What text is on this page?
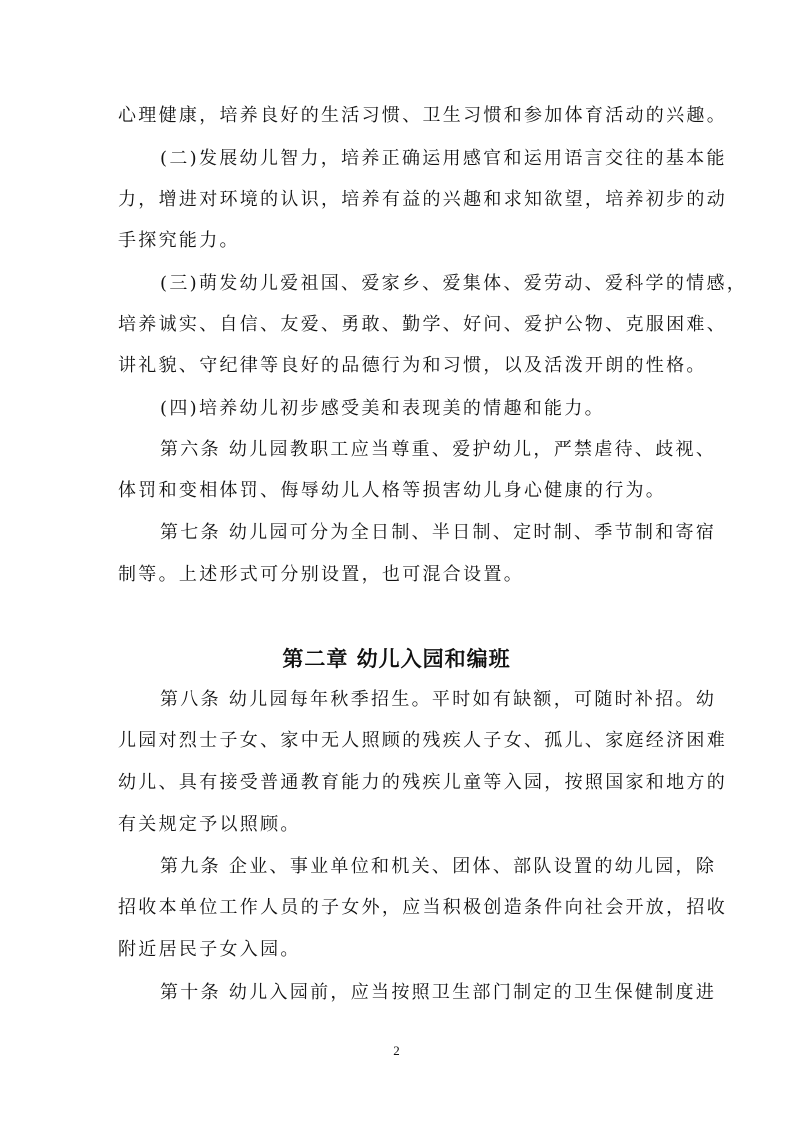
心理健康，培养良好的生活习惯、卫生习惯和参加体育活动的兴趣。
(二)发展幼儿智力，培养正确运用感官和运用语言交往的基本能
力，增进对环境的认识，培养有益的兴趣和求知欲望，培养初步的动
手探究能力。
(三)萌发幼儿爱祖国、爱家乡、爱集体、爱劳动、爱科学的情感，
培养诚实、自信、友爱、勇敢、勤学、好问、爱护公物、克服困难、
讲礼貌、守纪律等良好的品德行为和习惯，以及活泼开朗的性格。
(四)培养幼儿初步感受美和表现美的情趣和能力。
第六条 幼儿园教职工应当尊重、爱护幼儿，严禁虐待、歧视、
体罚和变相体罚、侮辱幼儿人格等损害幼儿身心健康的行为。
第七条 幼儿园可分为全日制、半日制、定时制、季节制和寄宿
制等。上述形式可分别设置，也可混合设置。
第二章 幼儿入园和编班
第八条 幼儿园每年秋季招生。平时如有缺额，可随时补招。幼
儿园对烈士子女、家中无人照顾的残疾人子女、孤儿、家庭经济困难
幼儿、具有接受普通教育能力的残疾儿童等入园，按照国家和地方的
有关规定予以照顾。
第九条 企业、事业单位和机关、团体、部队设置的幼儿园，除
招收本单位工作人员的子女外，应当积极创造条件向社会开放，招收
附近居民子女入园。
第十条 幼儿入园前，应当按照卫生部门制定的卫生保健制度进
2
